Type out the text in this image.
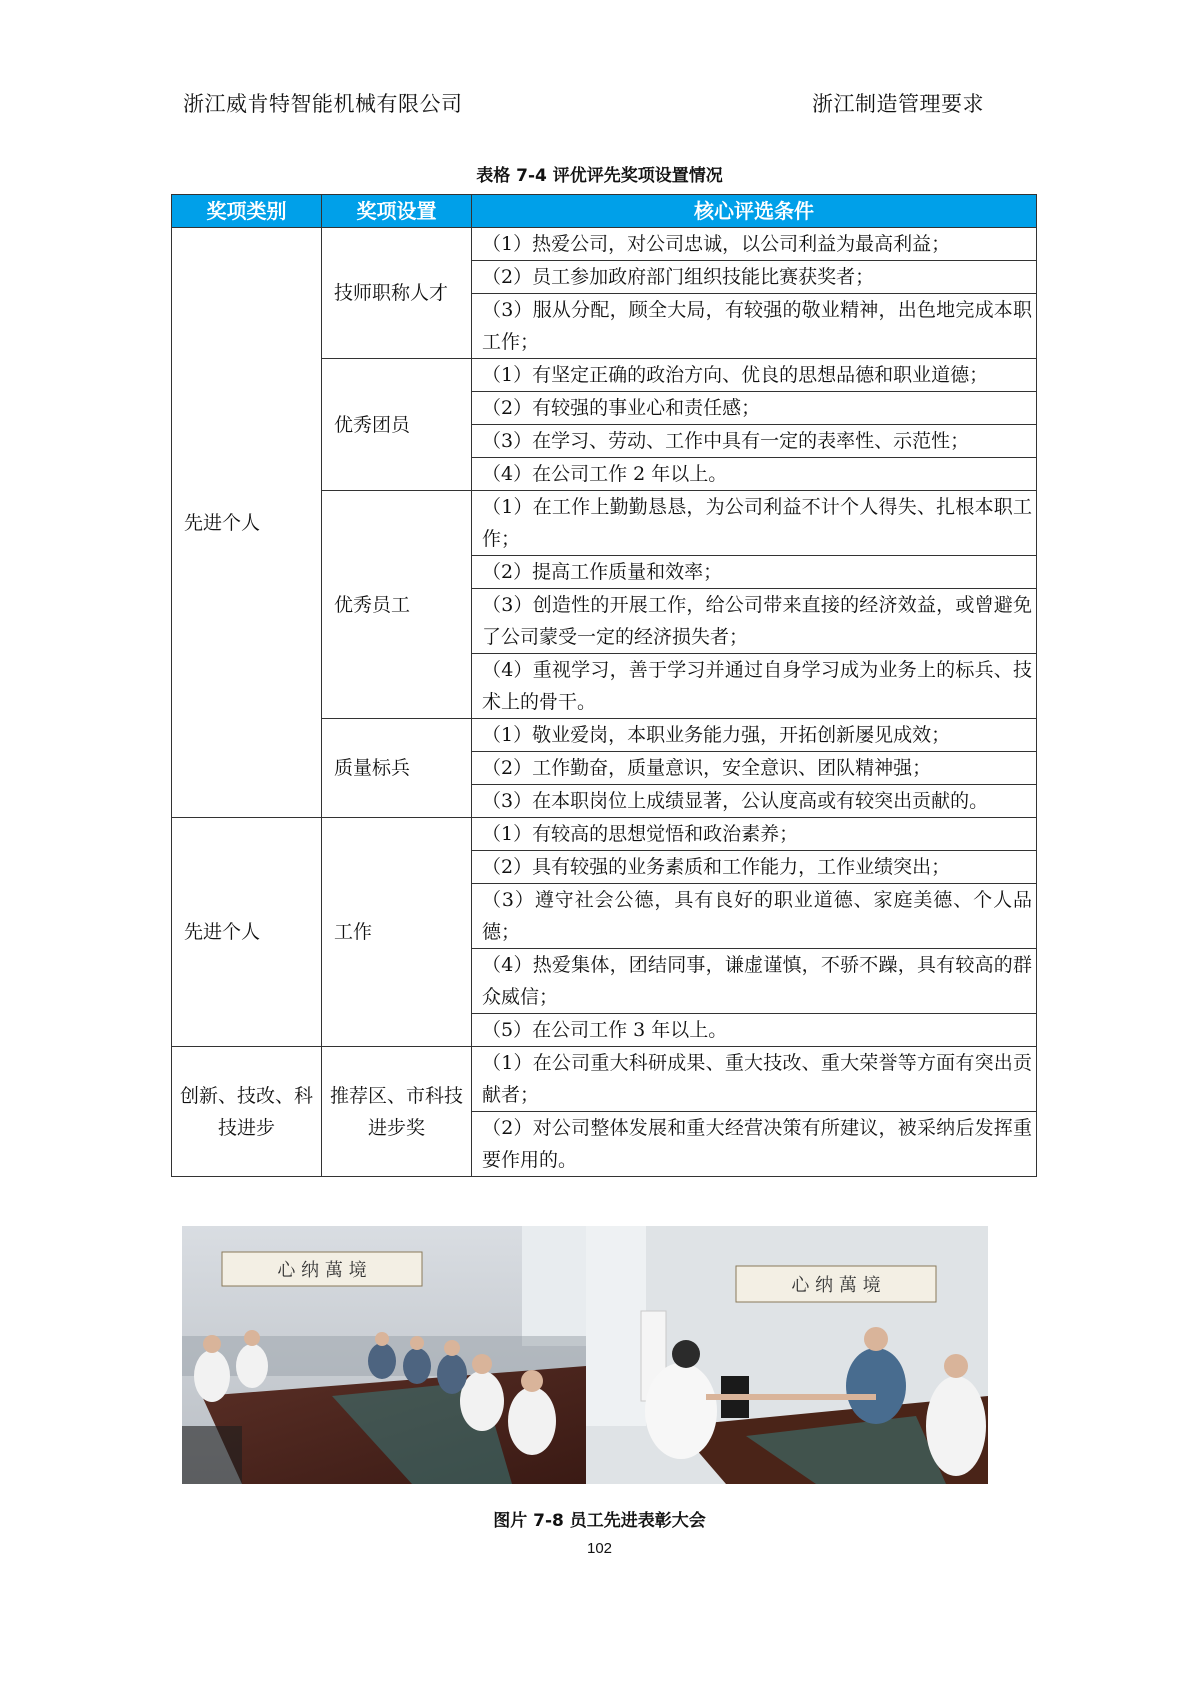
浙江威肯特智能机械有限公司	浙江制造管理要求
表格 7-4 评优评先奖项设置情况
奖项类别	奖项设置	核心评选条件
先进个人	技师职称人才	（1）热爱公司，对公司忠诚，以公司利益为最高利益；
		（2）员工参加政府部门组织技能比赛获奖者；
		（3）服从分配，顾全大局，有较强的敬业精神，出色地完成本职工作；
	优秀团员	（1）有坚定正确的政治方向、优良的思想品德和职业道德；
		（2）有较强的事业心和责任感；
		（3）在学习、劳动、工作中具有一定的表率性、示范性；
		（4）在公司工作 2 年以上。
	优秀员工	（1）在工作上勤勤恳恳，为公司利益不计个人得失、扎根本职工作；
		（2）提高工作质量和效率；
		（3）创造性的开展工作，给公司带来直接的经济效益，或曾避免了公司蒙受一定的经济损失者；
		（4）重视学习，善于学习并通过自身学习成为业务上的标兵、技术上的骨干。
	质量标兵	（1）敬业爱岗，本职业务能力强，开拓创新屡见成效；
		（2）工作勤奋，质量意识，安全意识、团队精神强；
		（3）在本职岗位上成绩显著，公认度高或有较突出贡献的。
先进个人	工作	（1）有较高的思想觉悟和政治素养；
		（2）具有较强的业务素质和工作能力，工作业绩突出；
		（3）遵守社会公德，具有良好的职业道德、家庭美德、个人品德；
		（4）热爱集体，团结同事，谦虚谨慎，不骄不躁，具有较高的群众威信；
		（5）在公司工作 3 年以上。
创新、技改、科技进步	推荐区、市科技进步奖	（1）在公司重大科研成果、重大技改、重大荣誉等方面有突出贡献者；
		（2）对公司整体发展和重大经营决策有所建议，被采纳后发挥重要作用的。
心 纳 萬 境
心 纳 萬 境
图片 7-8 员工先进表彰大会
102
